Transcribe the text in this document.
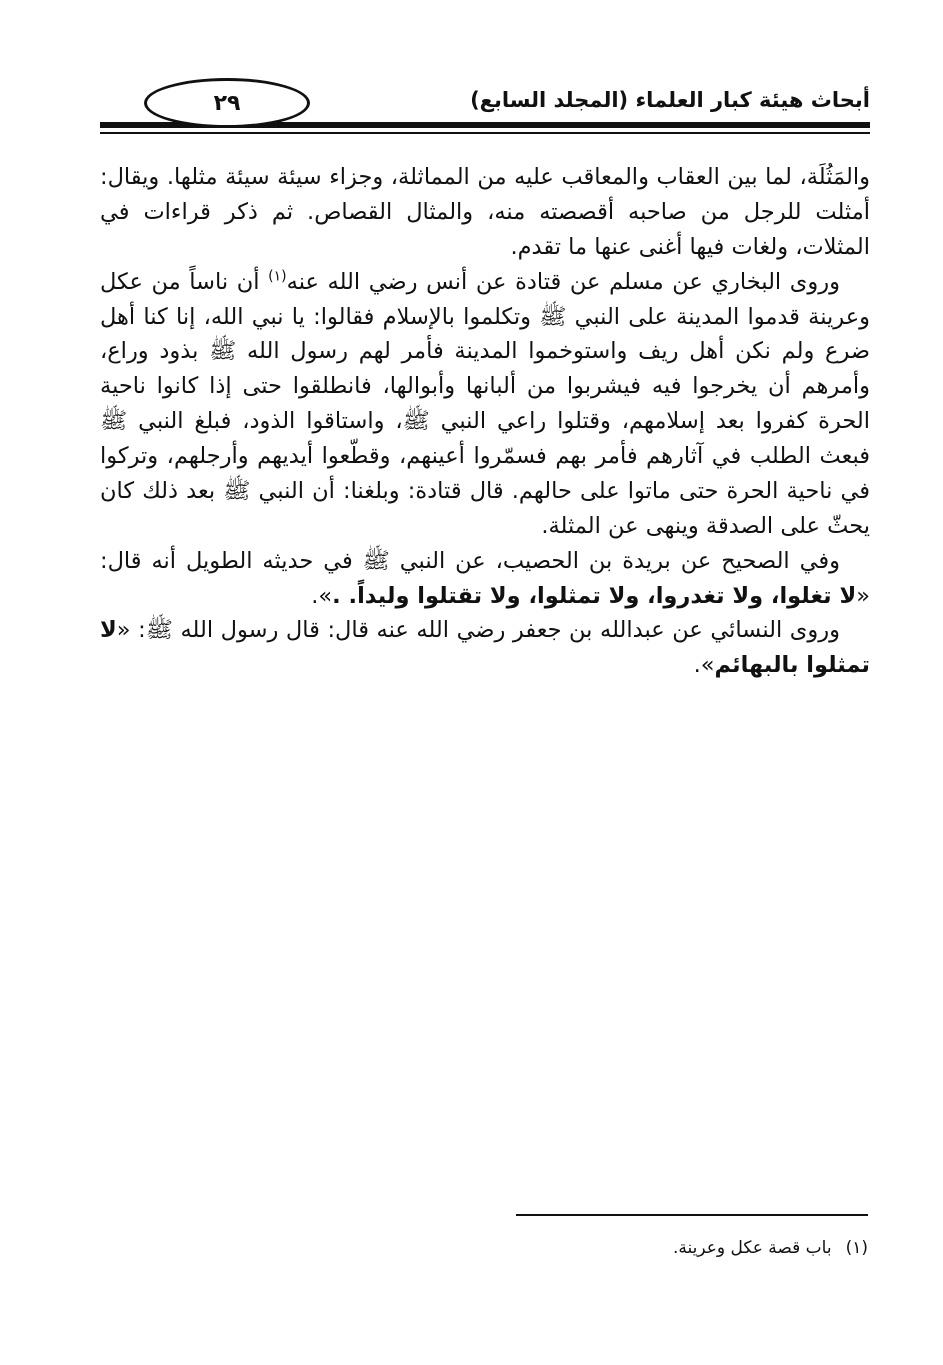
٢٩	أبحاث هيئة كبار العلماء (المجلد السابع)

والمَثُلَة، لما بين العقاب والمعاقب عليه من المماثلة، وجزاء سيئة سيئة مثلها. ويقال: أمثلت للرجل من صاحبه أقصصته منه، والمثال القصاص. ثم ذكر قراءات في المثلات، ولغات فيها أغنى عنها ما تقدم.

وروى البخاري عن مسلم عن قتادة عن أنس رضي الله عنه$^{(١)}$ أن ناساً من عكل وعرينة قدموا المدينة على النبي ﷺ وتكلموا بالإسلام فقالوا: يا نبي الله، إنا كنا أهل ضرع ولم نكن أهل ريف واستوخموا المدينة فأمر لهم رسول الله ﷺ بذود وراع، وأمرهم أن يخرجوا فيه فيشربوا من ألبانها وأبوالها، فانطلقوا حتى إذا كانوا ناحية الحرة كفروا بعد إسلامهم، وقتلوا راعي النبي ﷺ، واستاقوا الذود، فبلغ النبي ﷺ فبعث الطلب في آثارهم فأمر بهم فسمّروا أعينهم، وقطّعوا أيديهم وأرجلهم، وتركوا في ناحية الحرة حتى ماتوا على حالهم. قال قتادة: وبلغنا: أن النبي ﷺ بعد ذلك كان يحثّ على الصدقة وينهى عن المثلة.

وفي الصحيح عن بريدة بن الحصيب، عن النبي ﷺ في حديثه الطويل أنه قال: «لا تغلوا، ولا تغدروا، ولا تمثلوا، ولا تقتلوا وليداً. .».

وروى النسائي عن عبدالله بن جعفر رضي الله عنه قال: قال رسول الله ﷺ: «لا تمثلوا بالبهائم».

(١)باب قصة عكل وعرينة.
